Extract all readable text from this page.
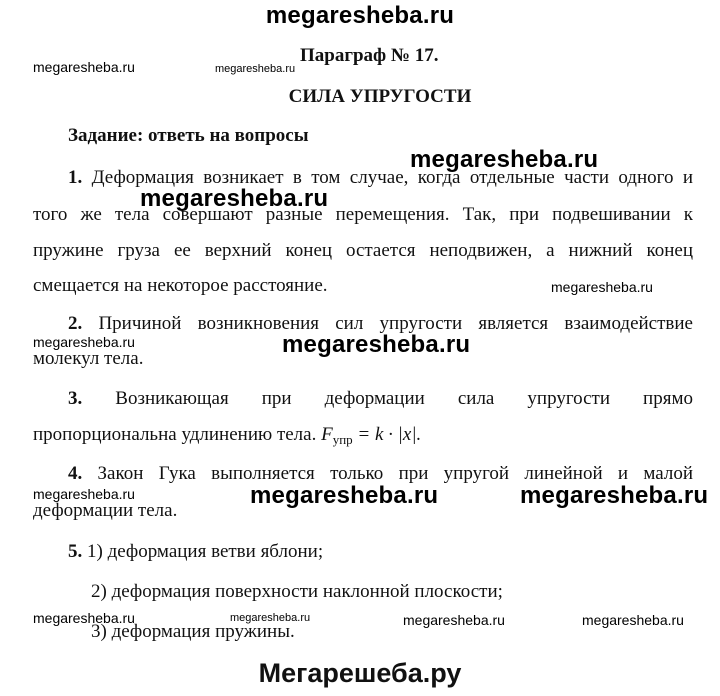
megaresheba.ru
megaresheba.ru	megaresheba.ru
Параграф № 17.
СИЛА УПРУГОСТИ
Задание: ответь на вопросы
megaresheba.ru
1. Деформация возникает в том случае, когда отдельные части одного и
megaresheba.ru
того же тела совершают разные перемещения. Так, при подвешивании к
пружине груза ее верхний конец остается неподвижен, а нижний конец
смещается на некоторое расстояние.	megaresheba.ru
2. Причиной возникновения сил упругости является взаимодействие
megaresheba.ru	megaresheba.ru
молекул тела.
3. Возникающая при деформации сила упругости прямо
пропорциональна удлинению тела. $F_{упр} = k \cdot |x|$.
4. Закон Гука выполняется только при упругой линейной и малой
megaresheba.ru	megaresheba.ru	megaresheba.ru
деформации тела.
5. 1) деформация ветви яблони;
2) деформация поверхности наклонной плоскости;
megaresheba.ru	megaresheba.ru	megaresheba.ru	megaresheba.ru
3) деформация пружины.
Мегарешеба.ру
